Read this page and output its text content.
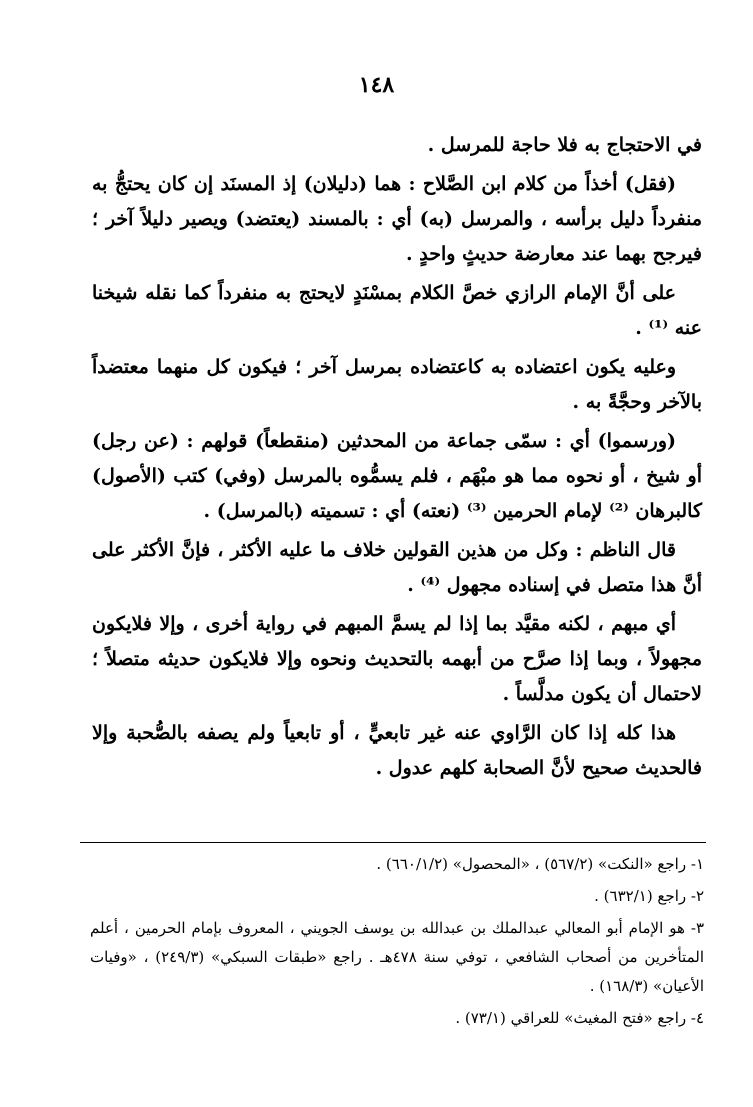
١٤٨

في الاحتجاج به فلا حاجة للمرسل .

(فقل) أخذاً من كلام ابن الصَّلاح : هما (دليلان) إذ المسنَد إن كان يحتجُّ به منفرداً دليل برأسه ، والمرسل (به) أي : بالمسند (يعتضد) ويصير دليلاً آخر ؛ فيرجح بهما عند معارضة حديثٍ واحدٍ .

على أنَّ الإمام الرازي خصَّ الكلام بمسْنَدٍ لايحتج به منفرداً كما نقله شيخنا عنه ⁽¹⁾ .

وعليه يكون اعتضاده به كاعتضاده بمرسل آخر ؛ فيكون كل منهما معتضداً بالآخر وحجَّةً به .

(ورسموا) أي : سمّى جماعة من المحدثين (منقطعاً) قولهم : (عن رجل) أو شيخ ، أو نحوه مما هو مبْهَم ، فلم يسمُّوه بالمرسل (وفي) كتب (الأصول) كالبرهان ⁽²⁾ لإمام الحرمين ⁽³⁾ (نعته) أي : تسميته (بالمرسل) .

قال الناظم : وكل من هذين القولين خلاف ما عليه الأكثر ، فإنَّ الأكثر على أنَّ هذا متصل في إسناده مجهول ⁽⁴⁾ .

أي مبهم ، لكنه مقيَّد بما إذا لم يسمَّ المبهم في رواية أخرى ، وإلا فلايكون مجهولاً ، وبما إذا صرَّح من أبهمه بالتحديث ونحوه وإلا فلايكون حديثه متصلاً ؛ لاحتمال أن يكون مدلَّساً .

هذا كله إذا كان الرَّاوي عنه غير تابعيٍّ ، أو تابعياً ولم يصفه بالصُّحبة وإلا فالحديث صحيح لأنَّ الصحابة كلهم عدول .

١- راجع «النكت» (٥٦٧/٢) ، «المحصول» (٦٦٠/١/٢) .

٢- راجع (٦٣٢/١) .

٣- هو الإمام أبو المعالي عبدالملك بن عبدالله بن يوسف الجويني ، المعروف بإمام الحرمين ، أعلم المتأخرين من أصحاب الشافعي ، توفي سنة ٤٧٨هـ . راجع «طبقات السبكي» (٢٤٩/٣) ، «وفيات الأعيان» (١٦٨/٣) .

٤- راجع «فتح المغيث» للعراقي (٧٣/١) .
